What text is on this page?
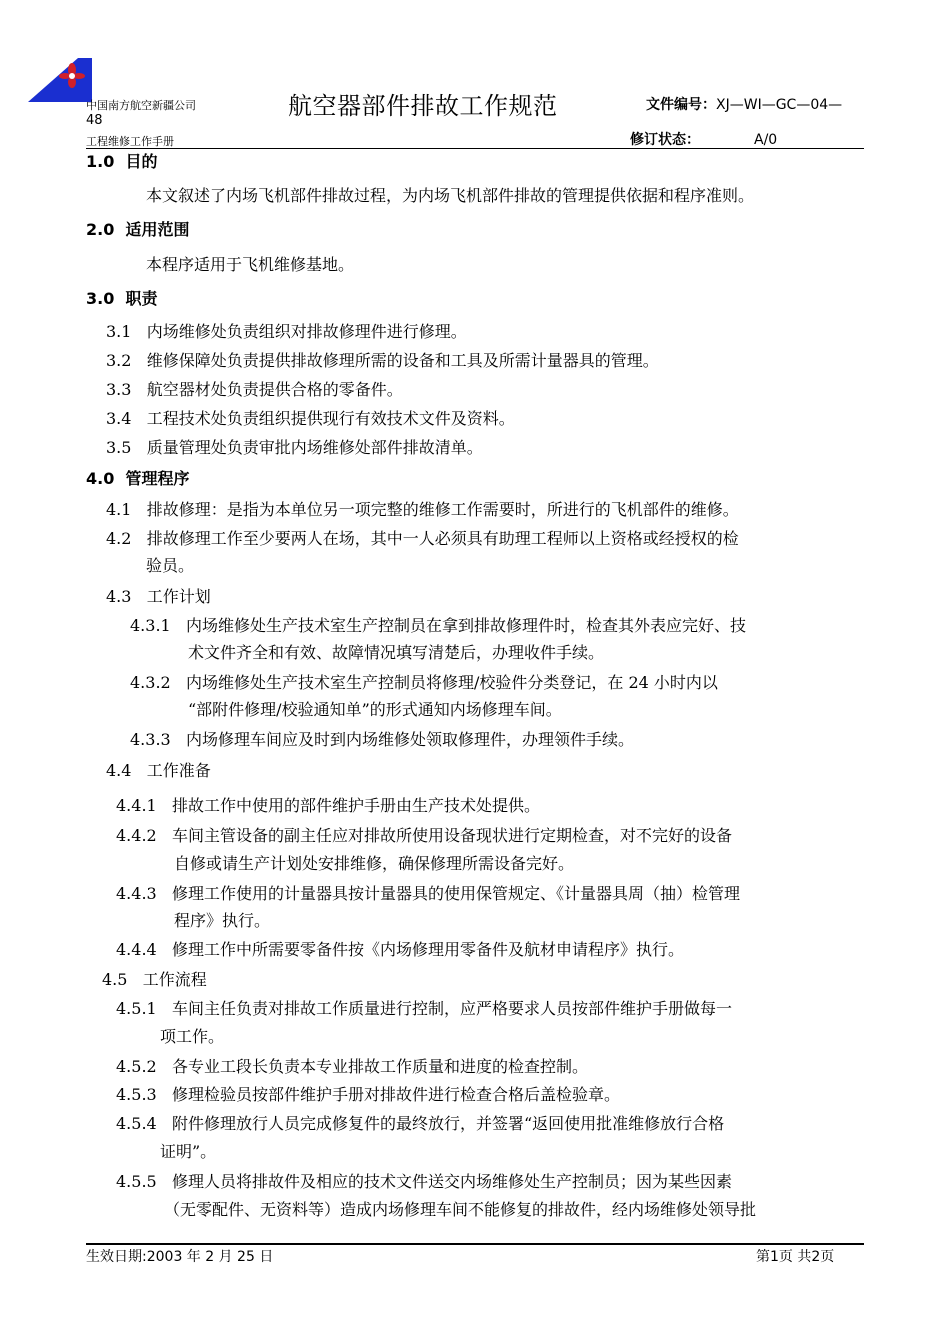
中国南方航空新疆公司
48
工程维修工作手册
航空器部件排故工作规范	文件编号：XJ—WI—GC—04—
修订状态：	A/0
1.0 目的
本文叙述了内场飞机部件排故过程，为内场飞机部件排故的管理提供依据和程序准则。
2.0 适用范围
本程序适用于飞机维修基地。
3.0 职责
3.1 内场维修处负责组织对排故修理件进行修理。
3.2 维修保障处负责提供排故修理所需的设备和工具及所需计量器具的管理。
3.3 航空器材处负责提供合格的零备件。
3.4 工程技术处负责组织提供现行有效技术文件及资料。
3.5 质量管理处负责审批内场维修处部件排故清单。
4.0 管理程序
4.1 排故修理：是指为本单位另一项完整的维修工作需要时，所进行的飞机部件的维修。
4.2 排故修理工作至少要两人在场，其中一人必须具有助理工程师以上资格或经授权的检
验员。
4.3 工作计划
4.3.1 内场维修处生产技术室生产控制员在拿到排故修理件时，检查其外表应完好、技
术文件齐全和有效、故障情况填写清楚后，办理收件手续。
4.3.2 内场维修处生产技术室生产控制员将修理/校验件分类登记，在 24 小时内以
“部附件修理/校验通知单”的形式通知内场修理车间。
4.3.3 内场修理车间应及时到内场维修处领取修理件，办理领件手续。
4.4 工作准备
4.4.1 排故工作中使用的部件维护手册由生产技术处提供。
4.4.2 车间主管设备的副主任应对排故所使用设备现状进行定期检查，对不完好的设备
自修或请生产计划处安排维修，确保修理所需设备完好。
4.4.3 修理工作使用的计量器具按计量器具的使用保管规定、《计量器具周（抽）检管理
程序》执行。
4.4.4 修理工作中所需要零备件按《内场修理用零备件及航材申请程序》执行。
4.5 工作流程
4.5.1 车间主任负责对排故工作质量进行控制，应严格要求人员按部件维护手册做每一
项工作。
4.5.2 各专业工段长负责本专业排故工作质量和进度的检查控制。
4.5.3 修理检验员按部件维护手册对排故件进行检查合格后盖检验章。
4.5.4 附件修理放行人员完成修复件的最终放行，并签署“返回使用批准维修放行合格
证明”。
4.5.5 修理人员将排故件及相应的技术文件送交内场维修处生产控制员；因为某些因素
（无零配件、无资料等）造成内场修理车间不能修复的排故件，经内场维修处领导批
生效日期:2003 年 2 月 25 日	第1页 共2页
